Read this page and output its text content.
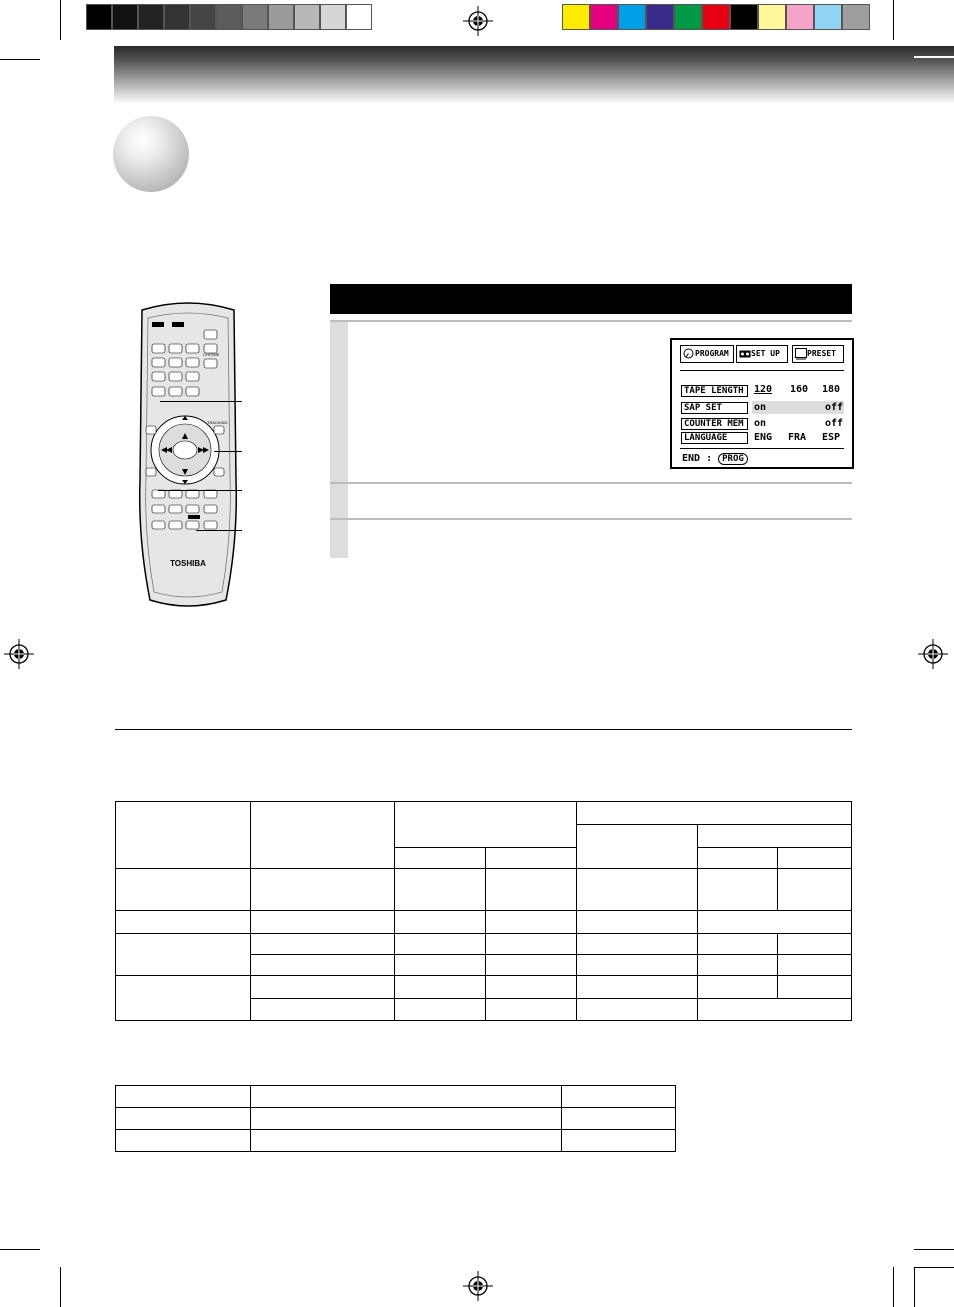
CH/TIME
TRACKING
TOSHIBA
PROGRAM	SET UP	PRESET
TAPE LENGTH	120 160 180
SAP SET	on	off
COUNTER MEM	on	off
LANGUAGE	ENG FRA ESP
END : PROG
